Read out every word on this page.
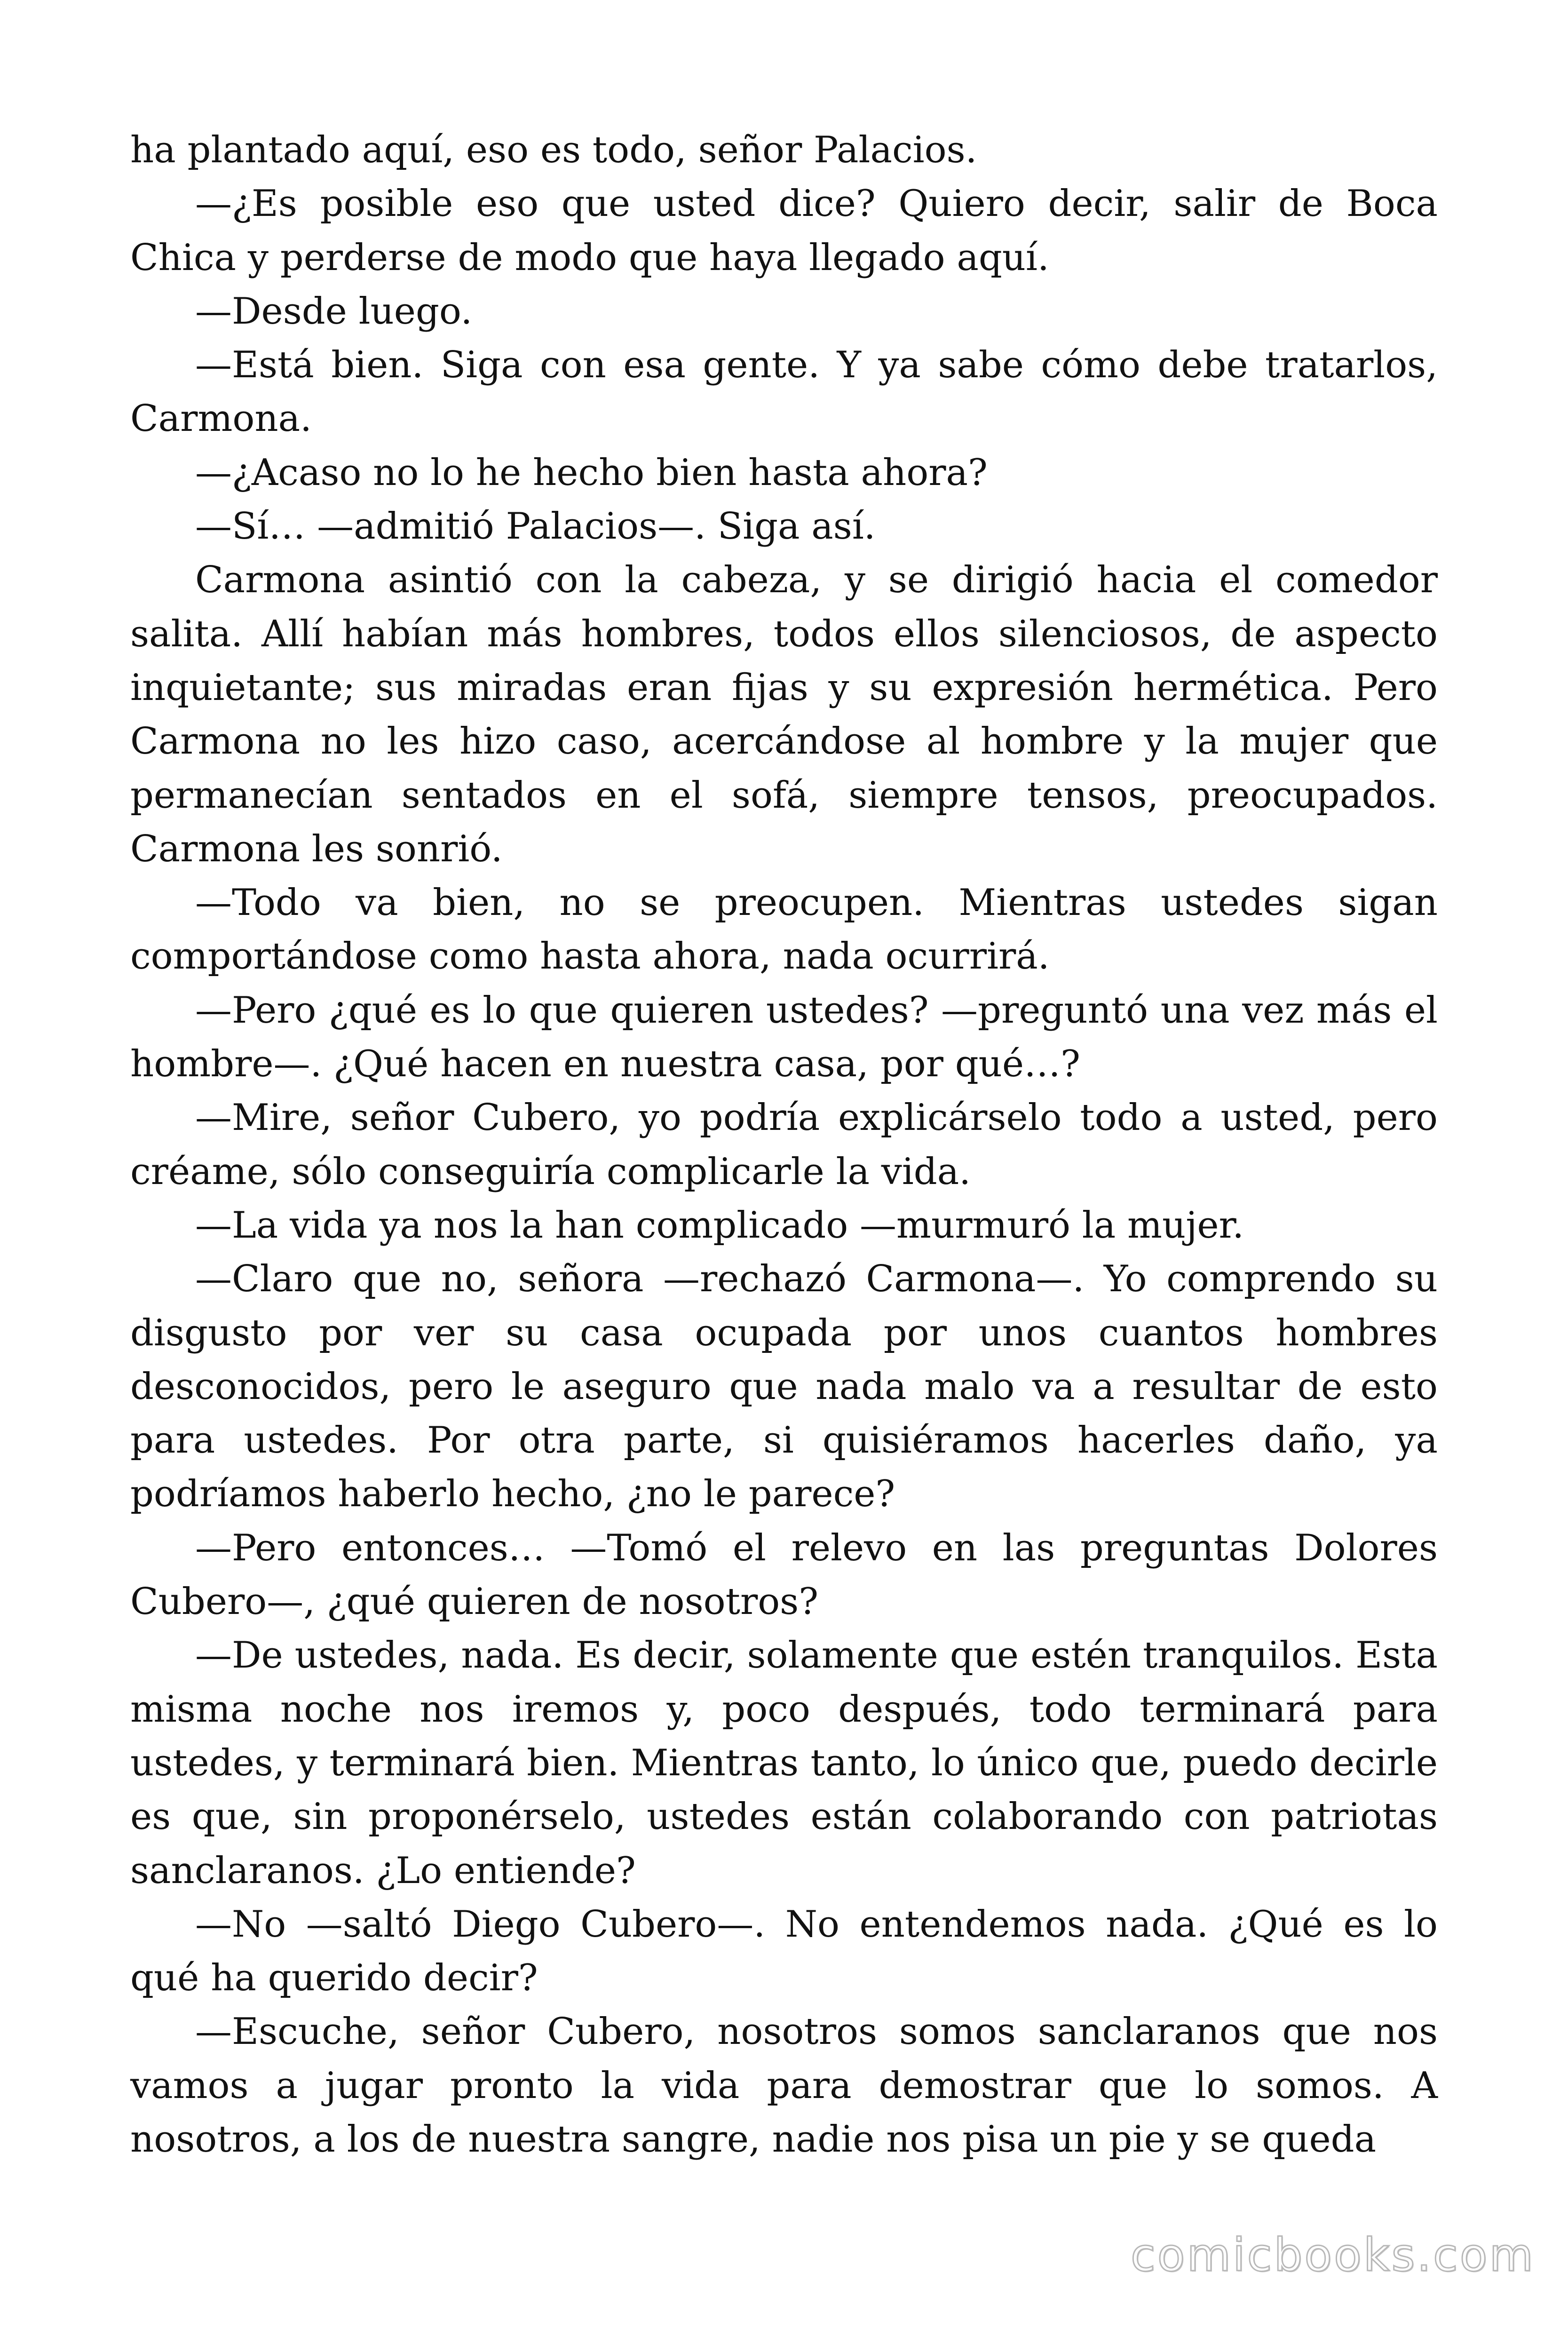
ha plantado aquí, eso es todo, señor Palacios.

—¿Es posible eso que usted dice? Quiero decir, salir de Boca Chica y perderse de modo que haya llegado aquí.

—Desde luego.

—Está bien. Siga con esa gente. Y ya sabe cómo debe tratarlos, Carmona.

—¿Acaso no lo he hecho bien hasta ahora?

—Sí… —admitió Palacios—. Siga así.

Carmona asintió con la cabeza, y se dirigió hacia el comedor salita. Allí habían más hombres, todos ellos silenciosos, de aspecto inquietante; sus miradas eran fijas y su expresión hermética. Pero Carmona no les hizo caso, acercándose al hombre y la mujer que permanecían sentados en el sofá, siempre tensos, preocupados. Carmona les sonrió.

—Todo va bien, no se preocupen. Mientras ustedes sigan comportándose como hasta ahora, nada ocurrirá.

—Pero ¿qué es lo que quieren ustedes? —preguntó una vez más el hombre—. ¿Qué hacen en nuestra casa, por qué…?

—Mire, señor Cubero, yo podría explicárselo todo a usted, pero créame, sólo conseguiría complicarle la vida.

—La vida ya nos la han complicado —murmuró la mujer.

—Claro que no, señora —rechazó Carmona—. Yo comprendo su disgusto por ver su casa ocupada por unos cuantos hombres desconocidos, pero le aseguro que nada malo va a resultar de esto para ustedes. Por otra parte, si quisiéramos hacerles daño, ya podríamos haberlo hecho, ¿no le parece?

—Pero entonces… —Tomó el relevo en las preguntas Dolores Cubero—, ¿qué quieren de nosotros?

—De ustedes, nada. Es decir, solamente que estén tranquilos. Esta misma noche nos iremos y, poco después, todo terminará para ustedes, y terminará bien. Mientras tanto, lo único que, puedo decirle es que, sin proponérselo, ustedes están colaborando con patriotas sanclaranos. ¿Lo entiende?

—No —saltó Diego Cubero—. No entendemos nada. ¿Qué es lo qué ha querido decir?

—Escuche, señor Cubero, nosotros somos sanclaranos que nos vamos a jugar pronto la vida para demostrar que lo somos. A nosotros, a los de nuestra sangre, nadie nos pisa un pie y se queda

comicbooks.com
